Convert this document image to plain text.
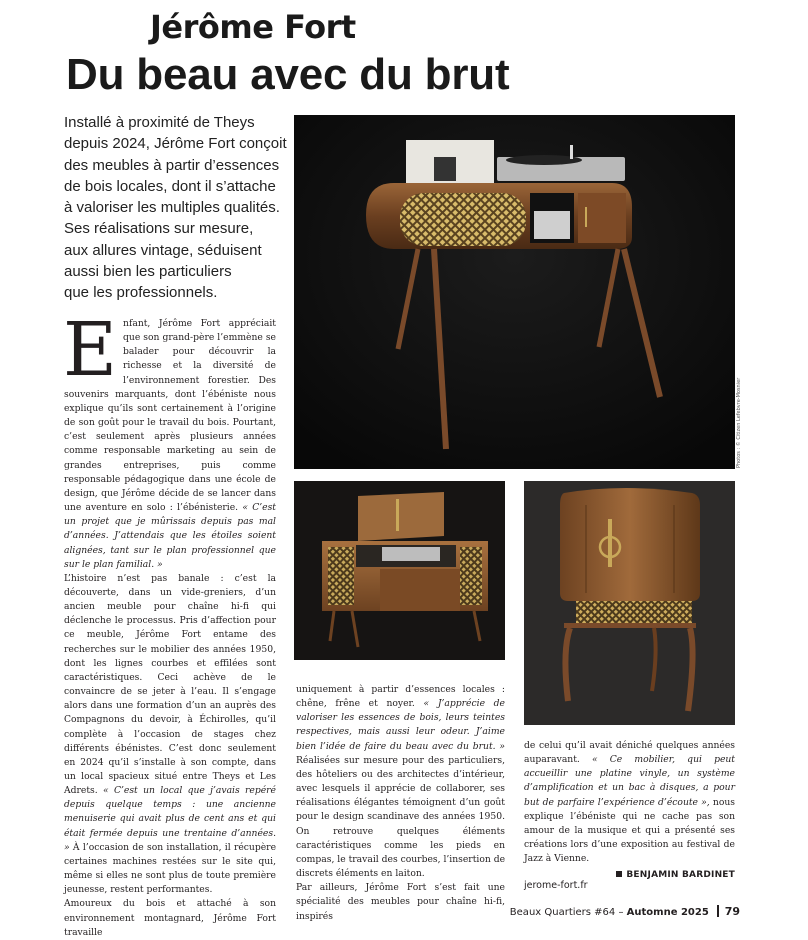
Jérôme Fort
Du beau avec du brut
Installé à proximité de Theys
depuis 2024, Jérôme Fort conçoit
des meubles à partir d’essences
de bois locales, dont il s’attache
à valoriser les multiples qualités.
Ses réalisations sur mesure,
aux allures vintage, séduisent
aussi bien les particuliers
que les professionnels.
Photos : © Citizen Lefebvre-Mosnier

Enfant, Jérôme Fort appréciait que son grand-père l’emmène se balader pour découvrir la richesse et la diversité de l’environnement forestier. Des souvenirs marquants, dont l’ébéniste nous explique qu’ils sont certainement à l’origine de son goût pour le travail du bois. Pourtant, c’est seulement après plusieurs années comme responsable marketing au sein de grandes entreprises, puis comme responsable pédagogique dans une école de design, que Jérôme décide de se lancer dans une aventure en solo : l’ébénisterie. « C’est un projet que je mûrissais depuis pas mal d’années. J’attendais que les étoiles soient alignées, tant sur le plan professionnel que sur le plan familial. »

L’histoire n’est pas banale : c’est la découverte, dans un vide-greniers, d’un ancien meuble pour chaîne hi-fi qui déclenche le processus. Pris d’affection pour ce meuble, Jérôme Fort entame des recherches sur le mobilier des années 1950, dont les lignes courbes et effilées sont caractéristiques. Ceci achève de le convaincre de se jeter à l’eau. Il s’engage alors dans une formation d’un an auprès des Compagnons du devoir, à Échirolles, qu’il complète à l’occasion de stages chez différents ébénistes. C’est donc seulement en 2024 qu’il s’installe à son compte, dans un local spacieux situé entre Theys et Les Adrets. « C’est un local que j’avais repéré depuis quelque temps : une ancienne menuiserie qui avait plus de cent ans et qui était fermée depuis une trentaine d’années. » À l’occasion de son installation, il récupère certaines machines restées sur le site qui, même si elles ne sont plus de toute première jeunesse, restent performantes.

Amoureux du bois et attaché à son environnement montagnard, Jérôme Fort travaille

uniquement à partir d’essences locales : chêne, frêne et noyer. « J’apprécie de valoriser les essences de bois, leurs teintes respectives, mais aussi leur odeur. J’aime bien l’idée de faire du beau avec du brut. » Réalisées sur mesure pour des particuliers, des hôteliers ou des architectes d’intérieur, avec lesquels il apprécie de collaborer, ses réalisations élégantes témoignent d’un goût pour le design scandinave des années 1950. On retrouve quelques éléments caractéristiques comme les pieds en compas, le travail des courbes, l’insertion de discrets éléments en laiton.

Par ailleurs, Jérôme Fort s’est fait une spécialité des meubles pour chaîne hi-fi, inspirés

de celui qu’il avait déniché quelques années auparavant. « Ce mobilier, qui peut accueillir une platine vinyle, un système d’amplification et un bac à disques, a pour but de parfaire l’expérience d’écoute », nous explique l’ébéniste qui ne cache pas son amour de la musique et qui a présenté ses créations lors d’une exposition au festival de Jazz à Vienne.

BENJAMIN BARDINET
jerome-fort.fr
Beaux Quartiers #64 – Automne 2025 79
